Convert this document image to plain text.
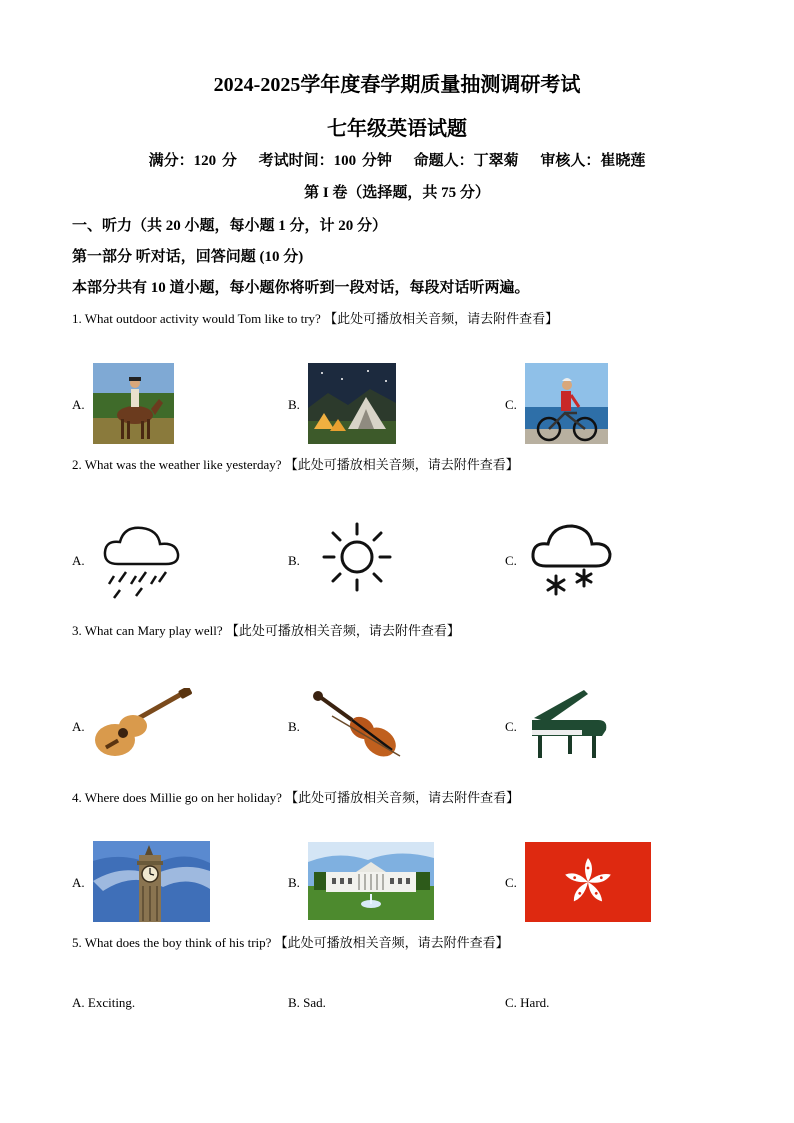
2024-2025学年度春学期质量抽测调研考试
七年级英语试题
满分：120 分 考试时间：100 分钟 命题人：丁翠菊 审核人：崔晓莲
第 I 卷（选择题，共 75 分）
一、听力（共 20 小题，每小题 1 分，计 20 分）
第一部分 听对话，回答问题 (10 分)
本部分共有 10 道小题，每小题你将听到一段对话，每段对话听两遍。
1. What outdoor activity would Tom like to try? 【此处可播放相关音频，请去附件查看】
A.	B.	C.
2. What was the weather like yesterday? 【此处可播放相关音频，请去附件查看】
A.	B.	C.
3. What can Mary play well? 【此处可播放相关音频，请去附件查看】
A.	B.	C.
4. Where does Millie go on her holiday? 【此处可播放相关音频，请去附件查看】
A.	B.	C.
5. What does the boy think of his trip? 【此处可播放相关音频，请去附件查看】
A. Exciting.	B. Sad.	C. Hard.
